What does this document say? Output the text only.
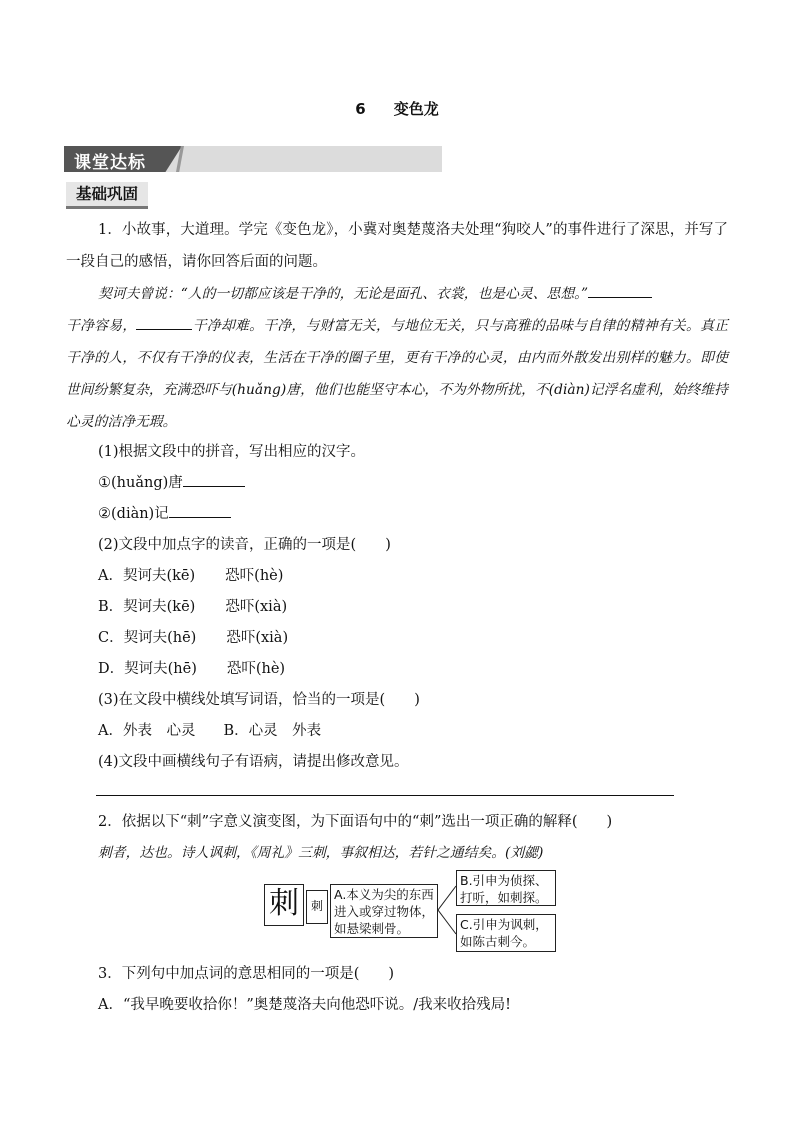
6 变色龙
课堂达标
基础巩固
1．小故事，大道理。学完《变色龙》，小冀对奥楚蔑洛夫处理“狗咬人”的事件进行了深思，并写了一段自己的感悟，请你回答后面的问题。
契诃夫曾说：“人的一切都应该是干净的，无论是面孔、衣裳，也是心灵、思想。”
干净容易，	干净却难。干净，与财富无关，与地位无关，只与高雅的品味与自律的精神有关。真正干净的人，不仅有干净的仪表，生活在干净的圈子里，更有干净的心灵，由内而外散发出别样的魅力。即使世间纷繁复杂，充满恐吓与(huǎng)唐，他们也能坚守本心，不为外物所扰，不(diàn)记浮名虚利，始终维持心灵的洁净无瑕。
(1)根据文段中的拼音，写出相应的汉字。
①(huǎng)唐
②(diàn)记
(2)文段中加点字的读音，正确的一项是(　　)
A．契诃夫(kē) 恐吓(hè)
B．契诃夫(kē) 恐吓(xià)
C．契诃夫(hē) 恐吓(xià)
D．契诃夫(hē) 恐吓(hè)
(3)在文段中横线处填写词语，恰当的一项是(　　)
A．外表　心灵 B．心灵　外表
(4)文段中画横线句子有语病，请提出修改意见。
2．依据以下“刺”字意义演变图，为下面语句中的“刺”选出一项正确的解释(　　)
刺者，达也。诗人讽刺，《周礼》三刺，事叙相达，若针之通结矣。(刘勰)
刺 刺
A.本义为尖的东西进入或穿过物体，如悬梁刺骨。
B.引申为侦探、打听，如刺探。
C.引申为讽刺，如陈古刺今。
3．下列句中加点词的意思相同的一项是(　　)
A．“我早晚要收拾你！”奥楚蔑洛夫向他恐吓说。/我来收拾残局!
